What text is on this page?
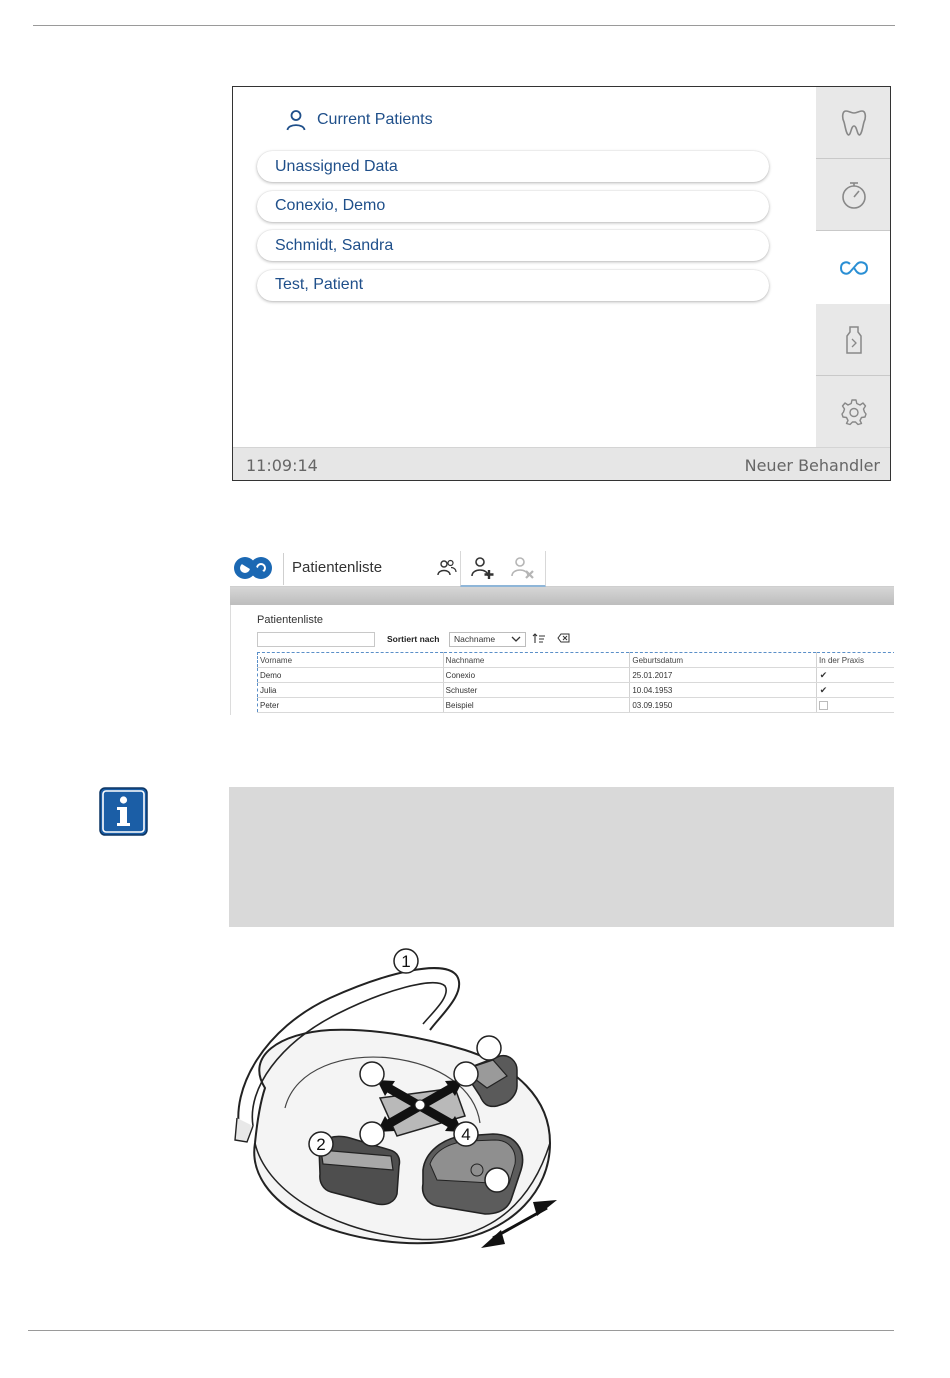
Current Patients
Unassigned Data
Conexio, Demo
Schmidt, Sandra
Test, Patient
11:09:14	Neuer Behandler
Patientenliste
Patientenliste
Sortiert nach	Nachname
Vorname	Nachname	Geburtsdatum	In der Praxis
Demo	Conexio	25.01.2017	✔
Julia	Schuster	10.04.1953	✔
Peter	Beispiel	03.09.1950	
1
4
2
